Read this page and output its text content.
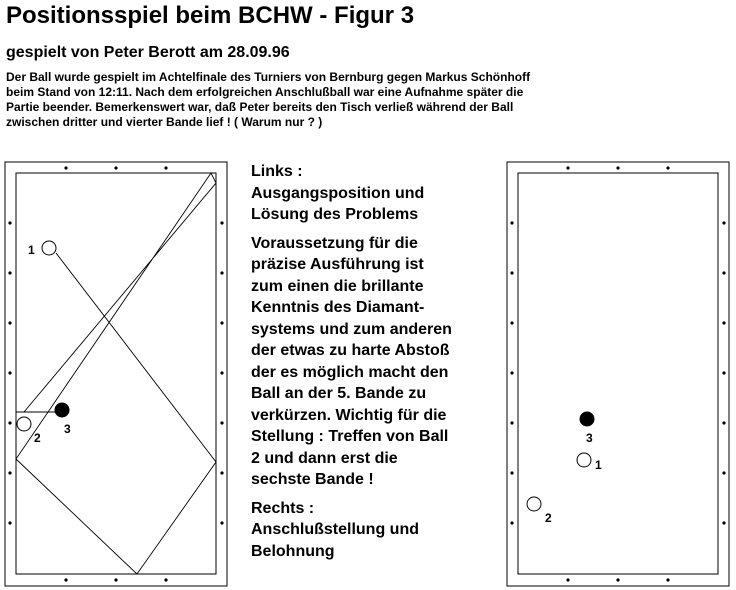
Positionsspiel beim BCHW - Figur 3
gespielt von Peter Berott am 28.09.96
Der Ball wurde gespielt im Achtelfinale des Turniers von Bernburg gegen Markus Schönhoff
beim Stand von 12:11. Nach dem erfolgreichen Anschlußball war eine Aufnahme später die
Partie beender. Bemerkenswert war, daß Peter bereits den Tisch verließ während der Ball
zwischen dritter und vierter Bande lief ! ( Warum nur ? )
1
2
3
3
1
2

Links :
Ausgangsposition und
Lösung des Problems

Voraussetzung für die
präzise Ausführung ist
zum einen die brillante
Kenntnis des Diamant-
systems und zum anderen
der etwas zu harte Abstoß
der es möglich macht den
Ball an der 5. Bande zu
verkürzen. Wichtig für die
Stellung : Treffen von Ball
2 und dann erst die
sechste Bande !

Rechts :
Anschlußstellung und
Belohnung
